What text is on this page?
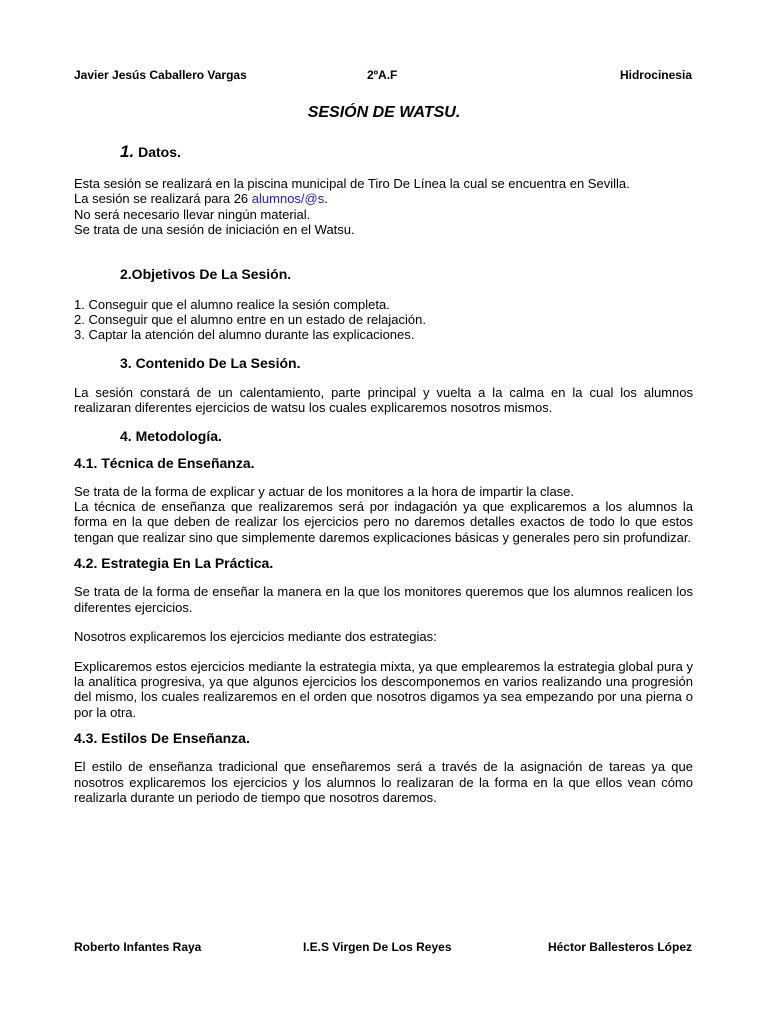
Javier Jesús Caballero Vargas	2ºA.F	Hidrocinesia
SESIÓN DE WATSU.
1. Datos.

Esta sesión se realizará en la piscina municipal de Tiro De Línea la cual se encuentra en Sevilla.

La sesión se realizará para 26 alumnos/@s.

No será necesario llevar ningún material.

Se trata de una sesión de iniciación en el Watsu.

2.Objetivos De La Sesión.

1. Conseguir que el alumno realice la sesión completa.

2. Conseguir que el alumno entre en un estado de relajación.

3. Captar la atención del alumno durante las explicaciones.

3. Contenido De La Sesión.

La sesión constará de un calentamiento, parte principal y vuelta a la calma en la cual los alumnos realizaran diferentes ejercicios de watsu los cuales explicaremos nosotros mismos.

4. Metodología.
4.1. Técnica de Enseñanza.

Se trata de la forma de explicar y actuar de los monitores a la hora de impartir la clase.

La técnica de enseñanza que realizaremos será por indagación ya que explicaremos a los alumnos la forma en la que deben de realizar los ejercicios pero no daremos detalles exactos de todo lo que estos tengan que realizar sino que simplemente daremos explicaciones básicas y generales pero sin profundizar.

4.2. Estrategia En La Práctica.

Se trata de la forma de enseñar la manera en la que los monitores queremos que los alumnos realicen los diferentes ejercicios.

Nosotros explicaremos los ejercicios mediante dos estrategias:

Explicaremos estos ejercicios mediante la estrategia mixta, ya que emplearemos la estrategia global pura y la analítica progresiva, ya que algunos ejercicios los descomponemos en varios realizando una progresión del mismo, los cuales realizaremos en el orden que nosotros digamos ya sea empezando por una pierna o por la otra.

4.3. Estilos De Enseñanza.

El estilo de enseñanza tradicional que enseñaremos será a través de la asignación de tareas ya que nosotros explicaremos los ejercicios y los alumnos lo realizaran de la forma en la que ellos vean cómo realizarla durante un periodo de tiempo que nosotros daremos.

Roberto Infantes Raya	I.E.S Virgen De Los Reyes	Héctor Ballesteros López
